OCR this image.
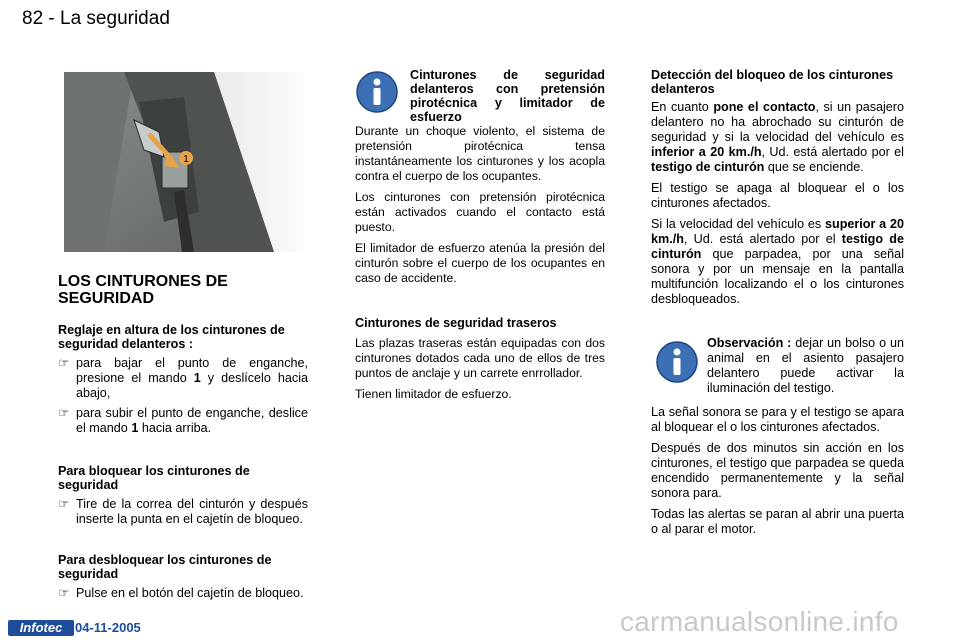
82 - La seguridad
1
LOS CINTURONES DE SEGURIDAD
Reglaje en altura de los cinturones de seguridad delanteros :
☞ para bajar el punto de enganche, presione el mando 1 y deslícelo hacia abajo,
☞ para subir el punto de enganche, deslice el mando 1 hacia arriba.
Para bloquear los cinturones de seguridad
☞ Tire de la correa del cinturón y después inserte la punta en el cajetín de bloqueo.
Para desbloquear los cinturones de seguridad
☞ Pulse en el botón del cajetín de bloqueo.

Cinturones de seguridad delanteros con pretensión pirotécnica y limitador de esfuerzo

Durante un choque violento, el sistema de pretensión pirotécnica tensa instantáneamente los cinturones y los acopla contra el cuerpo de los ocupantes.

Los cinturones con pretensión pirotécnica están activados cuando el contacto está puesto.

El limitador de esfuerzo atenúa la presión del cinturón sobre el cuerpo de los ocupantes en caso de accidente.

Cinturones de seguridad traseros

Las plazas traseras están equipadas con dos cinturones dotados cada uno de ellos de tres puntos de anclaje y un carrete enrrollador.

Tienen limitador de esfuerzo.

Detección del bloqueo de los cinturones delanteros

En cuanto pone el contacto, si un pasajero delantero no ha abrochado su cinturón de seguridad y si la velocidad del vehículo es inferior a 20 km./h, Ud. está alertado por el testigo de cinturón que se enciende.

El testigo se apaga al bloquear el o los cinturones afectados.

Si la velocidad del vehículo es superior a 20 km./h, Ud. está alertado por el testigo de cinturón que parpadea, por una señal sonora y por un mensaje en la pantalla multifunción localizando el o los cinturones desbloqueados.

Observación : dejar un bolso o un animal en el asiento pasajero delantero puede activar la iluminación del testigo.

La señal sonora se para y el testigo se apara al bloquear el o los cinturones afectados.

Después de dos minutos sin acción en los cinturones, el testigo que parpadea se queda encendido permanentemente y la señal sonora para.

Todas las alertas se paran al abrir una puerta o al parar el motor.

Infotec 04-11-2005	carmanualsonline.info
